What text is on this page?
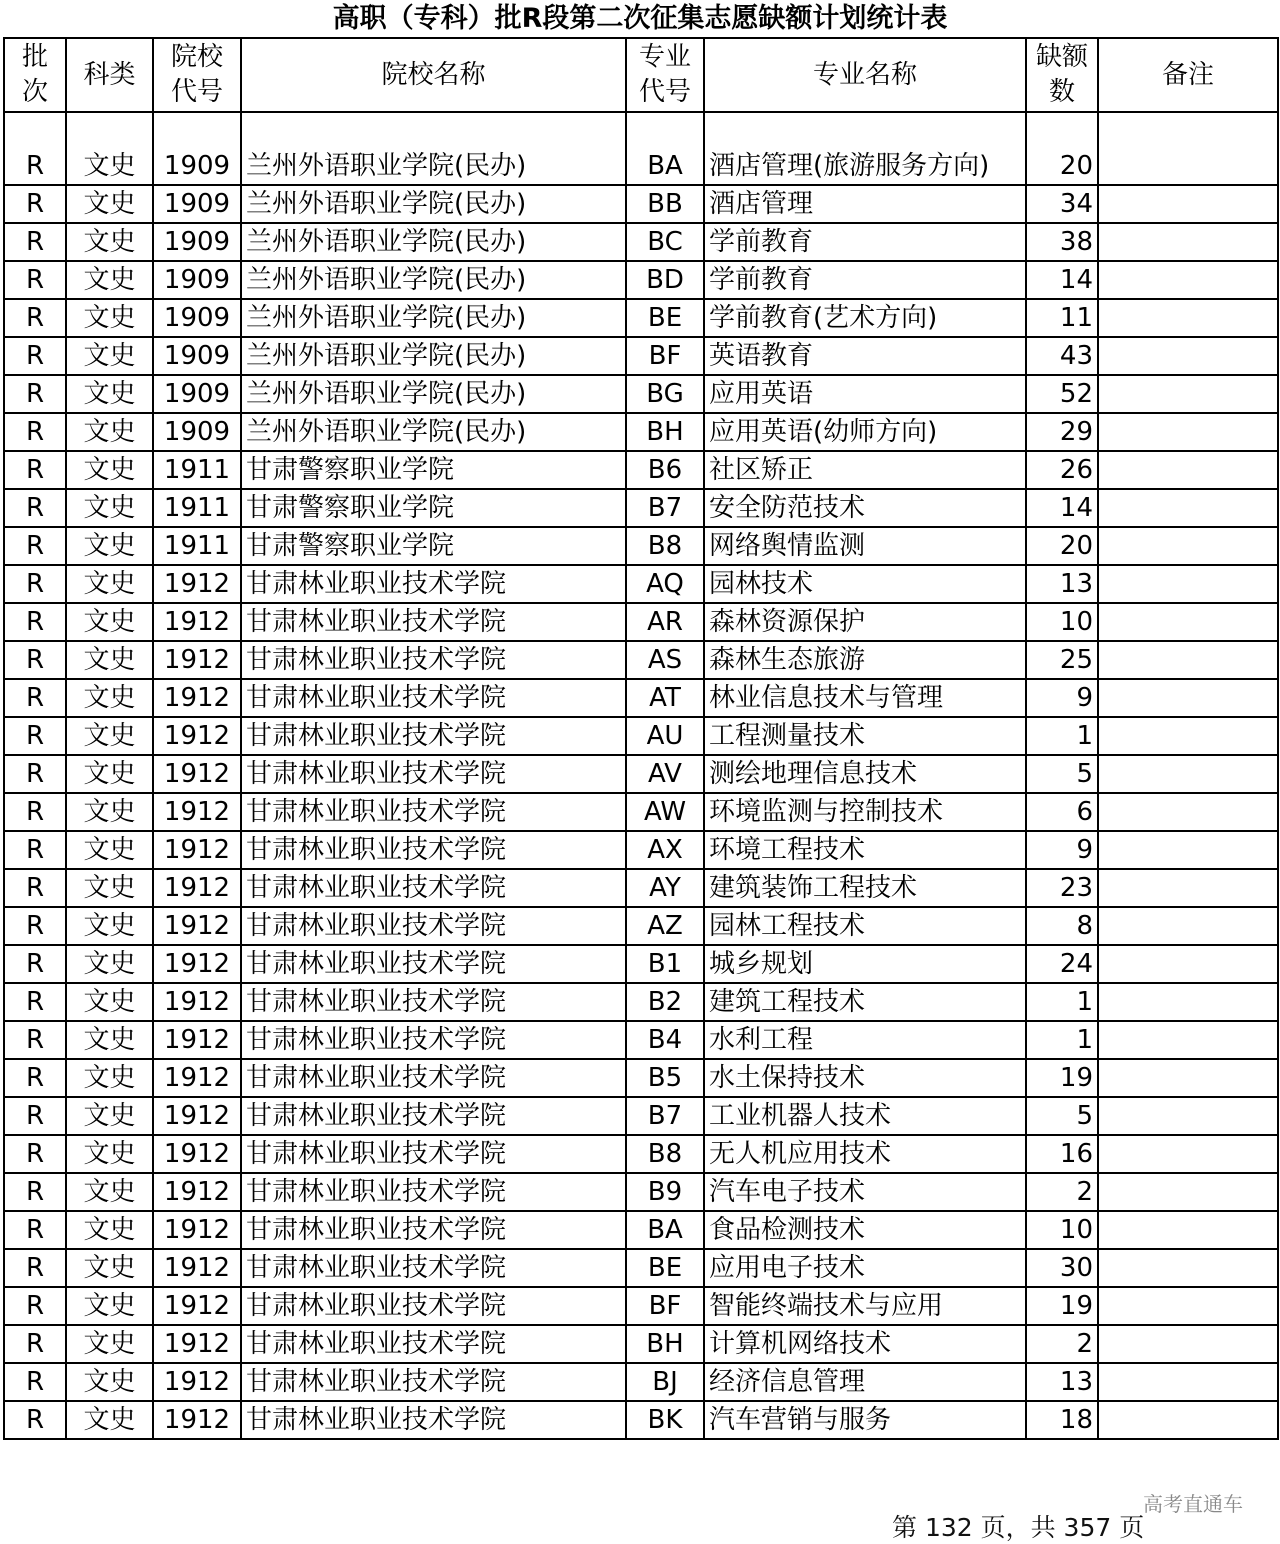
高职（专科）批R段第二次征集志愿缺额计划统计表
批次	科类	院校代号	院校名称	专业代号	专业名称	缺额数	备注
R	文史	1909	兰州外语职业学院(民办)	BA	酒店管理(旅游服务方向)	20	
R	文史	1909	兰州外语职业学院(民办)	BB	酒店管理	34	
R	文史	1909	兰州外语职业学院(民办)	BC	学前教育	38	
R	文史	1909	兰州外语职业学院(民办)	BD	学前教育	14	
R	文史	1909	兰州外语职业学院(民办)	BE	学前教育(艺术方向)	11	
R	文史	1909	兰州外语职业学院(民办)	BF	英语教育	43	
R	文史	1909	兰州外语职业学院(民办)	BG	应用英语	52	
R	文史	1909	兰州外语职业学院(民办)	BH	应用英语(幼师方向)	29	
R	文史	1911	甘肃警察职业学院	B6	社区矫正	26	
R	文史	1911	甘肃警察职业学院	B7	安全防范技术	14	
R	文史	1911	甘肃警察职业学院	B8	网络舆情监测	20	
R	文史	1912	甘肃林业职业技术学院	AQ	园林技术	13	
R	文史	1912	甘肃林业职业技术学院	AR	森林资源保护	10	
R	文史	1912	甘肃林业职业技术学院	AS	森林生态旅游	25	
R	文史	1912	甘肃林业职业技术学院	AT	林业信息技术与管理	9	
R	文史	1912	甘肃林业职业技术学院	AU	工程测量技术	1	
R	文史	1912	甘肃林业职业技术学院	AV	测绘地理信息技术	5	
R	文史	1912	甘肃林业职业技术学院	AW	环境监测与控制技术	6	
R	文史	1912	甘肃林业职业技术学院	AX	环境工程技术	9	
R	文史	1912	甘肃林业职业技术学院	AY	建筑装饰工程技术	23	
R	文史	1912	甘肃林业职业技术学院	AZ	园林工程技术	8	
R	文史	1912	甘肃林业职业技术学院	B1	城乡规划	24	
R	文史	1912	甘肃林业职业技术学院	B2	建筑工程技术	1	
R	文史	1912	甘肃林业职业技术学院	B4	水利工程	1	
R	文史	1912	甘肃林业职业技术学院	B5	水土保持技术	19	
R	文史	1912	甘肃林业职业技术学院	B7	工业机器人技术	5	
R	文史	1912	甘肃林业职业技术学院	B8	无人机应用技术	16	
R	文史	1912	甘肃林业职业技术学院	B9	汽车电子技术	2	
R	文史	1912	甘肃林业职业技术学院	BA	食品检测技术	10	
R	文史	1912	甘肃林业职业技术学院	BE	应用电子技术	30	
R	文史	1912	甘肃林业职业技术学院	BF	智能终端技术与应用	19	
R	文史	1912	甘肃林业职业技术学院	BH	计算机网络技术	2	
R	文史	1912	甘肃林业职业技术学院	BJ	经济信息管理	13	
R	文史	1912	甘肃林业职业技术学院	BK	汽车营销与服务	18	
高考直通车
第 132 页，共 357 页
